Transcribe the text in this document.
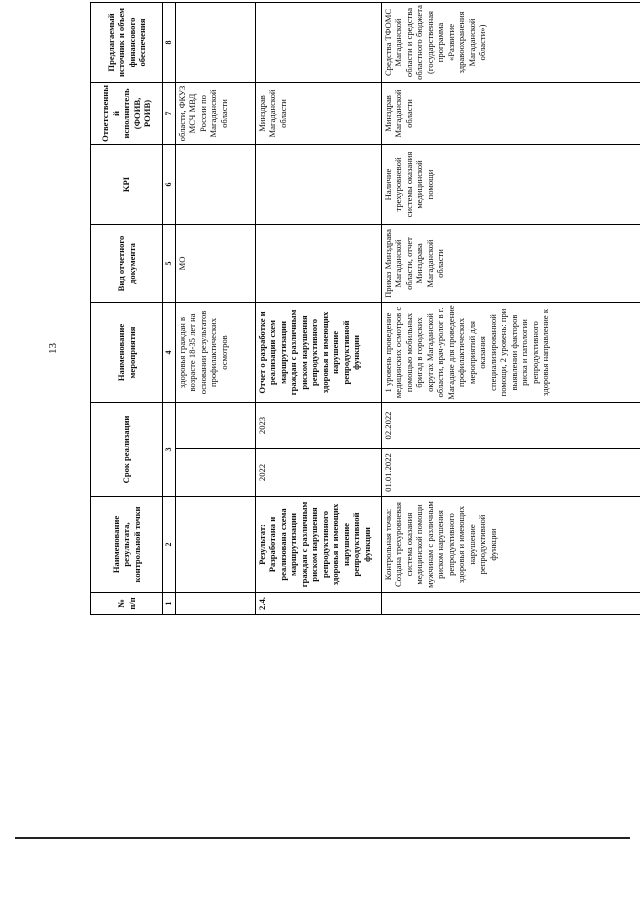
13
№ п/п	Наименование результата, контрольной точки	Срок реализации		Наименование мероприятия	Вид отчетного документа	KPI	Ответственный исполнитель (ФОИВ, РОИВ)	Предлагаемый источник и объем финансового обеспечения
1	2	3		4	5	6	7	8
				здоровья граждан в возрасте 18-35 лет на основании результатов профилактических осмотров	МО		области, ФКУЗ МСЧ МВД России по Магаданской области	
2.4.	Результат: Разработана и реализована схема маршрутизации граждан с различным риском нарушения репродуктивного здоровья и имеющих нарушение репродуктивной функции	2022	2023	Отчет о разработке и реализации схем маршрутизации граждан с различным риском нарушения репродуктивного здоровья и имеющих нарушение репродуктивной функции			Минздрав Магаданской области	
	Контрольная точка: Создана трехуровневая система оказания медицинской помощи мужчинам с различным риском нарушения репродуктивного здоровья и имеющих нарушение репродуктивной функции	01.01.2022	02.2022	1 уровень проведение медицинских осмотров с помощью мобильных бригад в городских округах Магаданской области, врач-уролог в г. Магадане для проведение профилактических мероприятий для оказания специализированной помощи, 2 уровень: при выявлении факторов риска и патологии репродуктивного здоровья направление к	Приказ Минздрава Магаданской области, отчет Минздрава Магаданской области	Наличие трехуровневой системы оказания медицинской помощи	Минздрав Магаданской области	Средства ТФОМС Магаданской области и средства областного бюджета (государственная программа «Развитие здравоохранения Магаданской области»)
